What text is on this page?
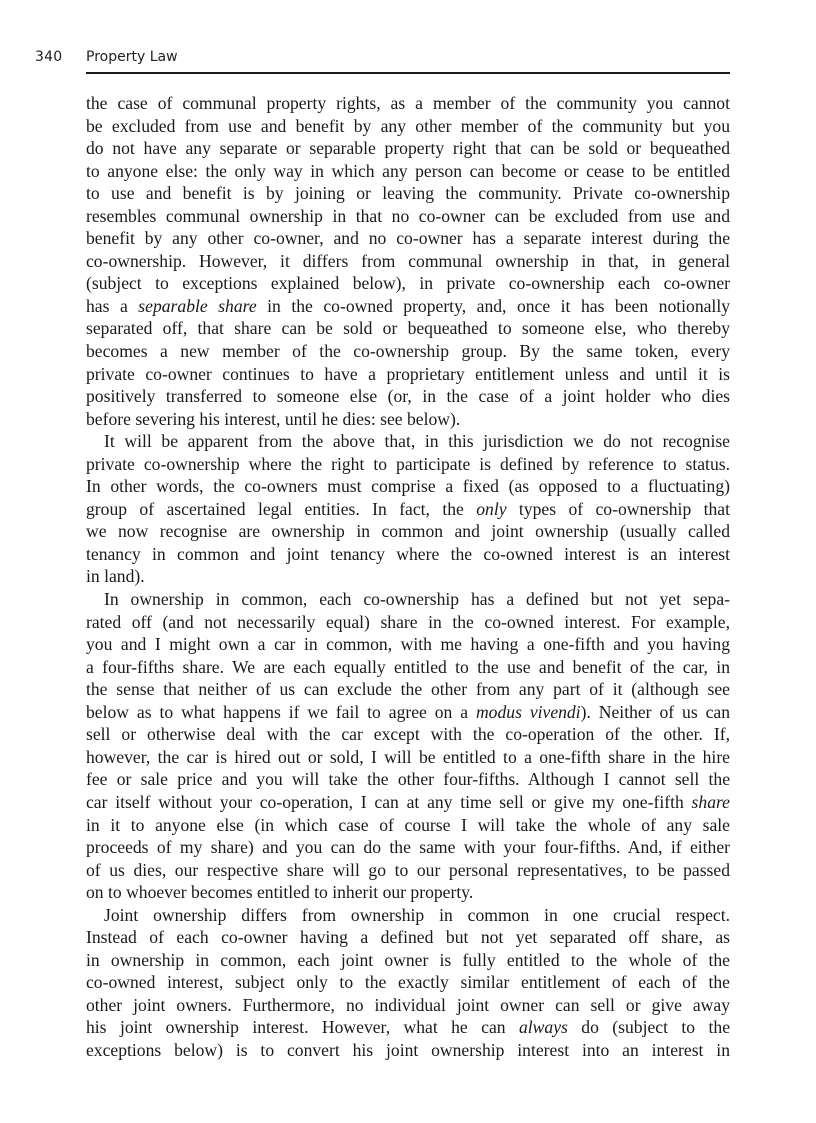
340 Property Law

the case of communal property rights, as a member of the community you cannot
be excluded from use and benefit by any other member of the community but you
do not have any separate or separable property right that can be sold or bequeathed
to anyone else: the only way in which any person can become or cease to be entitled
to use and benefit is by joining or leaving the community. Private co-ownership
resembles communal ownership in that no co-owner can be excluded from use and
benefit by any other co-owner, and no co-owner has a separate interest during the
co-ownership. However, it differs from communal ownership in that, in general
(subject to exceptions explained below), in private co-ownership each co-owner
has a separable share in the co-owned property, and, once it has been notionally
separated off, that share can be sold or bequeathed to someone else, who thereby
becomes a new member of the co-ownership group. By the same token, every
private co-owner continues to have a proprietary entitlement unless and until it is
positively transferred to someone else (or, in the case of a joint holder who dies
before severing his interest, until he dies: see below).

It will be apparent from the above that, in this jurisdiction we do not recognise
private co-ownership where the right to participate is defined by reference to status.
In other words, the co-owners must comprise a fixed (as opposed to a fluctuating)
group of ascertained legal entities. In fact, the only types of co-ownership that
we now recognise are ownership in common and joint ownership (usually called
tenancy in common and joint tenancy where the co-owned interest is an interest
in land).

In ownership in common, each co-ownership has a defined but not yet sepa-
rated off (and not necessarily equal) share in the co-owned interest. For example,
you and I might own a car in common, with me having a one-fifth and you having
a four-fifths share. We are each equally entitled to the use and benefit of the car, in
the sense that neither of us can exclude the other from any part of it (although see
below as to what happens if we fail to agree on a modus vivendi). Neither of us can
sell or otherwise deal with the car except with the co-operation of the other. If,
however, the car is hired out or sold, I will be entitled to a one-fifth share in the hire
fee or sale price and you will take the other four-fifths. Although I cannot sell the
car itself without your co-operation, I can at any time sell or give my one-fifth share
in it to anyone else (in which case of course I will take the whole of any sale
proceeds of my share) and you can do the same with your four-fifths. And, if either
of us dies, our respective share will go to our personal representatives, to be passed
on to whoever becomes entitled to inherit our property.

Joint ownership differs from ownership in common in one crucial respect.
Instead of each co-owner having a defined but not yet separated off share, as
in ownership in common, each joint owner is fully entitled to the whole of the
co-owned interest, subject only to the exactly similar entitlement of each of the
other joint owners. Furthermore, no individual joint owner can sell or give away
his joint ownership interest. However, what he can always do (subject to the
exceptions below) is to convert his joint ownership interest into an interest in
